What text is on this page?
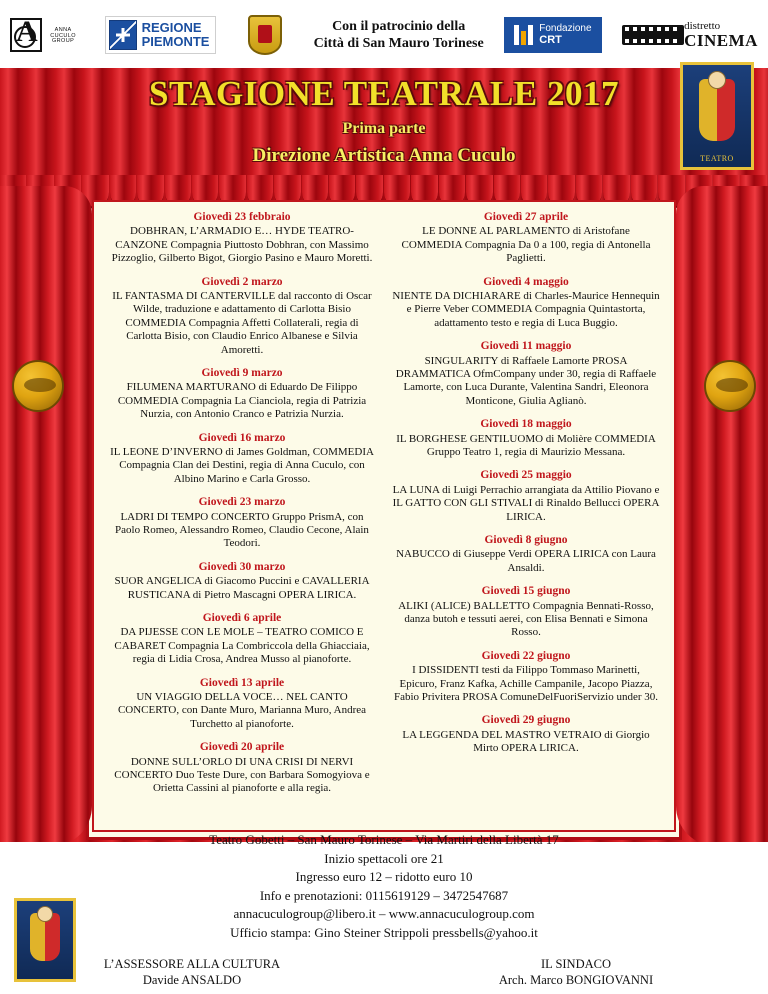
A
ANNA CUCULO GROUP
REGIONE
PIEMONTE
Con il patrocinio della
Città di San Mauro Torinese
Fondazione
CRT
distretto
CINEMA
STAGIONE TEATRALE 2017
Prima parte
Direzione Artistica Anna Cuculo	TEATRO
Giovedì 23 febbraio
DOBHRAN, L’ARMADIO E… HYDE TEATRO-CANZONE Compagnia Piuttosto Dobhran, con Massimo Pizzoglio, Gilberto Bigot, Giorgio Pasino e Mauro Moretti.
Giovedì 2 marzo
IL FANTASMA DI CANTERVILLE dal racconto di Oscar Wilde, traduzione e adattamento di Carlotta Bisio COMMEDIA Compagnia Affetti Collaterali, regia di Carlotta Bisio, con Claudio Enrico Albanese e Silvia Amoretti.
Giovedì 9 marzo
FILUMENA MARTURANO di Eduardo De Filippo COMMEDIA Compagnia La Cianciola, regia di Patrizia Nurzia, con Antonio Cranco e Patrizia Nurzia.
Giovedì 16 marzo
IL LEONE D’INVERNO di James Goldman, COMMEDIA Compagnia Clan dei Destini, regia di Anna Cuculo, con Albino Marino e Carla Grosso.
Giovedì 23 marzo
LADRI DI TEMPO CONCERTO Gruppo PrismA, con Paolo Romeo, Alessandro Romeo, Claudio Cecone, Alain Teodori.
Giovedì 30 marzo
SUOR ANGELICA di Giacomo Puccini e CAVALLERIA RUSTICANA di Pietro Mascagni OPERA LIRICA.
Giovedì 6 aprile
DA PIJESSE CON LE MOLE – TEATRO COMICO E CABARET Compagnia La Combriccola della Ghiacciaia, regia di Lidia Crosa, Andrea Musso al pianoforte.
Giovedì 13 aprile
UN VIAGGIO DELLA VOCE… NEL CANTO CONCERTO, con Dante Muro, Marianna Muro, Andrea Turchetto al pianoforte.
Giovedì 20 aprile
DONNE SULL’ORLO DI UNA CRISI DI NERVI CONCERTO Duo Teste Dure, con Barbara Somogyiova e Orietta Cassini al pianoforte e alla regia.
Giovedì 27 aprile
LE DONNE AL PARLAMENTO di Aristofane COMMEDIA Compagnia Da 0 a 100, regia di Antonella Paglietti.
Giovedì 4 maggio
NIENTE DA DICHIARARE di Charles-Maurice Hennequin e Pierre Veber COMMEDIA Compagnia Quintastorta, adattamento testo e regia di Luca Buggio.
Giovedì 11 maggio
SINGULARITY di Raffaele Lamorte PROSA DRAMMATICA OfmCompany under 30, regia di Raffaele Lamorte, con Luca Durante, Valentina Sandri, Eleonora Monticone, Giulia Aglianò.
Giovedì 18 maggio
IL BORGHESE GENTILUOMO di Molière COMMEDIA Gruppo Teatro 1, regia di Maurizio Messana.
Giovedì 25 maggio
LA LUNA di Luigi Perrachio arrangiata da Attilio Piovano e IL GATTO CON GLI STIVALI di Rinaldo Bellucci OPERA LIRICA.
Giovedì 8 giugno
NABUCCO di Giuseppe Verdi OPERA LIRICA con Laura Ansaldi.
Giovedì 15 giugno
ALIKI (ALICE) BALLETTO Compagnia Bennati-Rosso, danza butoh e tessuti aerei, con Elisa Bennati e Simona Rosso.
Giovedì 22 giugno
I DISSIDENTI testi da Filippo Tommaso Marinetti, Epicuro, Franz Kafka, Achille Campanile, Jacopo Piazza, Fabio Privitera PROSA ComuneDelFuoriServizio under 30.
Giovedì 29 giugno
LA LEGGENDA DEL MASTRO VETRAIO di Giorgio Mirto OPERA LIRICA.
Teatro Gobetti – San Mauro Torinese – Via Martiri della Libertà 17
Inizio spettacoli ore 21
Ingresso euro 12 – ridotto euro 10
Info e prenotazioni: 0115619129 – 3472547687
annacuculogroup@libero.it – www.annacuculogroup.com
Ufficio stampa: Gino Steiner Strippoli pressbells@yahoo.it
L’ASSESSORE ALLA CULTURA
Davide ANSALDO
IL SINDACO
Arch. Marco BONGIOVANNI
